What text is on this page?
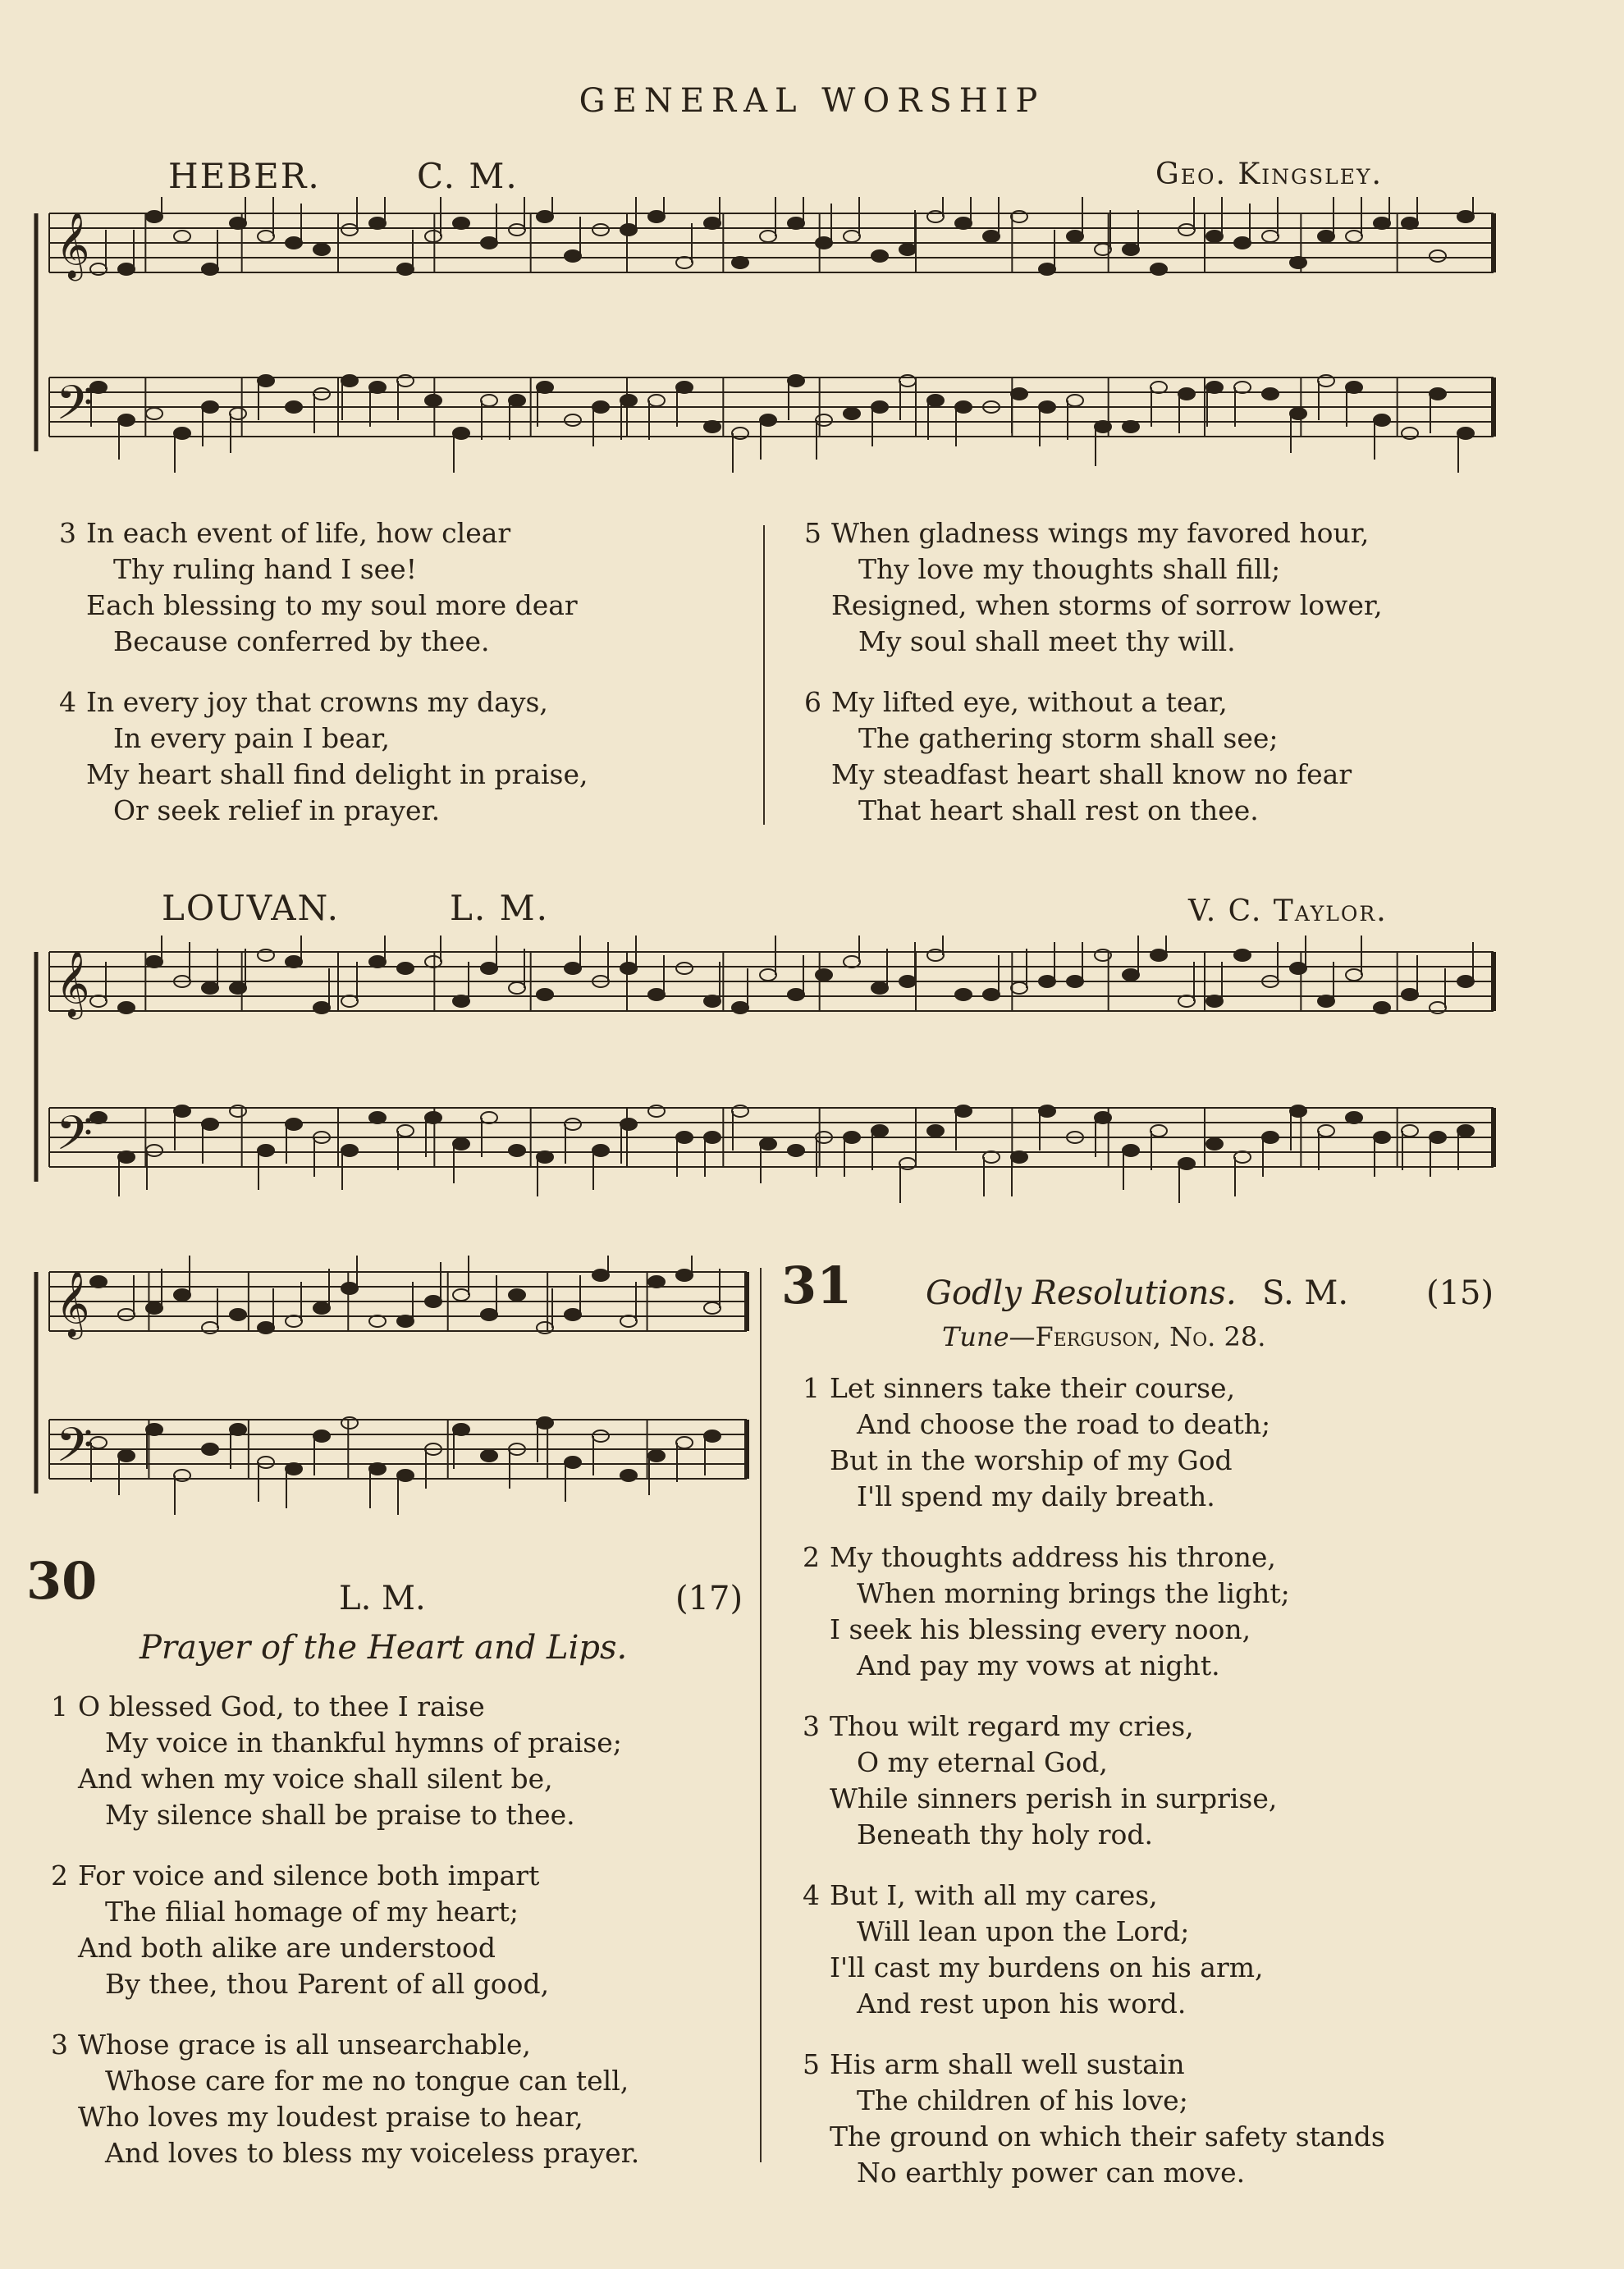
GENERAL WORSHIP
HEBER.	C. M.	Geo. Kingsley.
𝄞
𝄢
3 In each event of life, how clear
Thy ruling hand I see!
Each blessing to my soul more dear
Because conferred by thee.
4 In every joy that crowns my days,
In every pain I bear,
My heart shall find delight in praise,
Or seek relief in prayer.
5 When gladness wings my favored hour,
Thy love my thoughts shall fill;
Resigned, when storms of sorrow lower,
My soul shall meet thy will.
6 My lifted eye, without a tear,
The gathering storm shall see;
My steadfast heart shall know no fear
That heart shall rest on thee.
LOUVAN.	L. M.	V. C. Taylor.
𝄞
𝄢
𝄞
𝄢
30	L. M.	(17)
Prayer of the Heart and Lips.
1 O blessed God, to thee I raise
My voice in thankful hymns of praise;
And when my voice shall silent be,
My silence shall be praise to thee.
2 For voice and silence both impart
The filial homage of my heart;
And both alike are understood
By thee, thou Parent of all good,
3 Whose grace is all unsearchable,
Whose care for me no tongue can tell,
Who loves my loudest praise to hear,
And loves to bless my voiceless prayer.
31 Godly Resolutions. S. M. (15)
Tune—Ferguson, No. 28.
1 Let sinners take their course,
And choose the road to death;
But in the worship of my God
I'll spend my daily breath.
2 My thoughts address his throne,
When morning brings the light;
I seek his blessing every noon,
And pay my vows at night.
3 Thou wilt regard my cries,
O my eternal God,
While sinners perish in surprise,
Beneath thy holy rod.
4 But I, with all my cares,
Will lean upon the Lord;
I'll cast my burdens on his arm,
And rest upon his word.
5 His arm shall well sustain
The children of his love;
The ground on which their safety stands
No earthly power can move.
